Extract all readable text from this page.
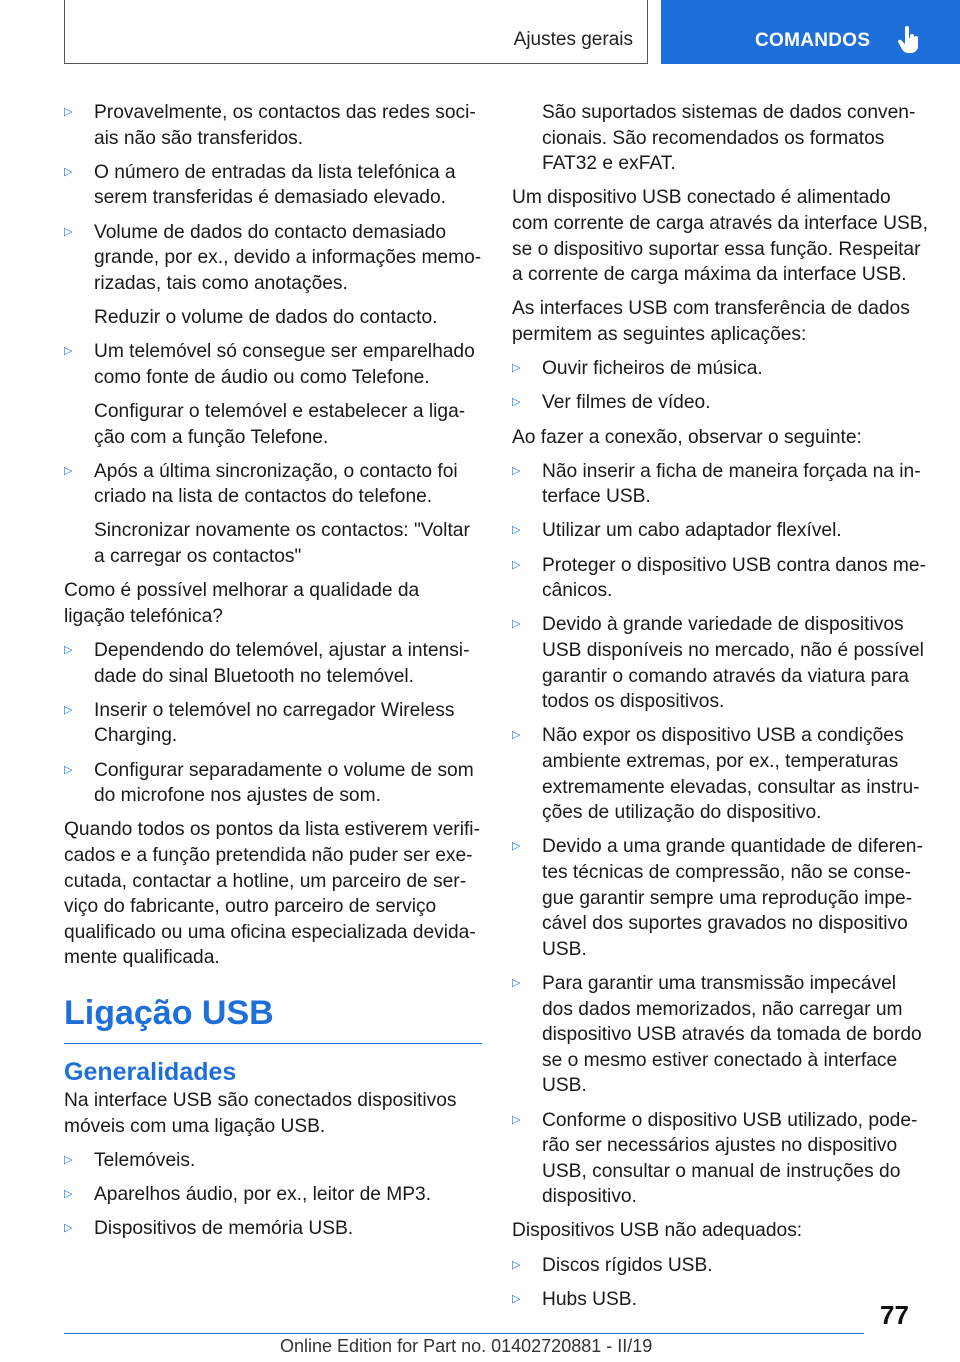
Ajustes gerais	COMANDOS
▷ Provavelmente, os contactos das redes sociais não são transferidos.
▷ O número de entradas da lista telefónica a serem transferidas é demasiado elevado.
▷ Volume de dados do contacto demasiado grande, por ex., devido a informações memorizadas, tais como anotações.
Reduzir o volume de dados do contacto.
▷ Um telemóvel só consegue ser emparelhado como fonte de áudio ou como Telefone.
Configurar o telemóvel e estabelecer a ligação com a função Telefone.
▷ Após a última sincronização, o contacto foi criado na lista de contactos do telefone.
Sincronizar novamente os contactos: "Voltar a carregar os contactos"

Como é possível melhorar a qualidade da ligação telefónica?

▷ Dependendo do telemóvel, ajustar a intensidade do sinal Bluetooth no telemóvel.
▷ Inserir o telemóvel no carregador Wireless Charging.
▷ Configurar separadamente o volume de som do microfone nos ajustes de som.

Quando todos os pontos da lista estiverem verificados e a função pretendida não puder ser executada, contactar a hotline, um parceiro de serviço do fabricante, outro parceiro de serviço qualificado ou uma oficina especializada devidamente qualificada.

Ligação USB
Generalidades

Na interface USB são conectados dispositivos móveis com uma ligação USB.

▷ Telemóveis.
▷ Aparelhos áudio, por ex., leitor de MP3.
▷ Dispositivos de memória USB.
São suportados sistemas de dados convencionais. São recomendados os formatos FAT32 e exFAT.

Um dispositivo USB conectado é alimentado com corrente de carga através da interface USB, se o dispositivo suportar essa função. Respeitar a corrente de carga máxima da interface USB.

As interfaces USB com transferência de dados permitem as seguintes aplicações:

▷ Ouvir ficheiros de música.
▷ Ver filmes de vídeo.

Ao fazer a conexão, observar o seguinte:

▷ Não inserir a ficha de maneira forçada na interface USB.
▷ Utilizar um cabo adaptador flexível.
▷ Proteger o dispositivo USB contra danos mecânicos.
▷ Devido à grande variedade de dispositivos USB disponíveis no mercado, não é possível garantir o comando através da viatura para todos os dispositivos.
▷ Não expor os dispositivo USB a condições ambiente extremas, por ex., temperaturas extremamente elevadas, consultar as instruções de utilização do dispositivo.
▷ Devido a uma grande quantidade de diferentes técnicas de compressão, não se consegue garantir sempre uma reprodução impecável dos suportes gravados no dispositivo USB.
▷ Para garantir uma transmissão impecável dos dados memorizados, não carregar um dispositivo USB através da tomada de bordo se o mesmo estiver conectado à interface USB.
▷ Conforme o dispositivo USB utilizado, poderão ser necessários ajustes no dispositivo USB, consultar o manual de instruções do dispositivo.

Dispositivos USB não adequados:

▷ Discos rígidos USB.
▷ Hubs USB.
77
Online Edition for Part no. 01402720881 - II/19
